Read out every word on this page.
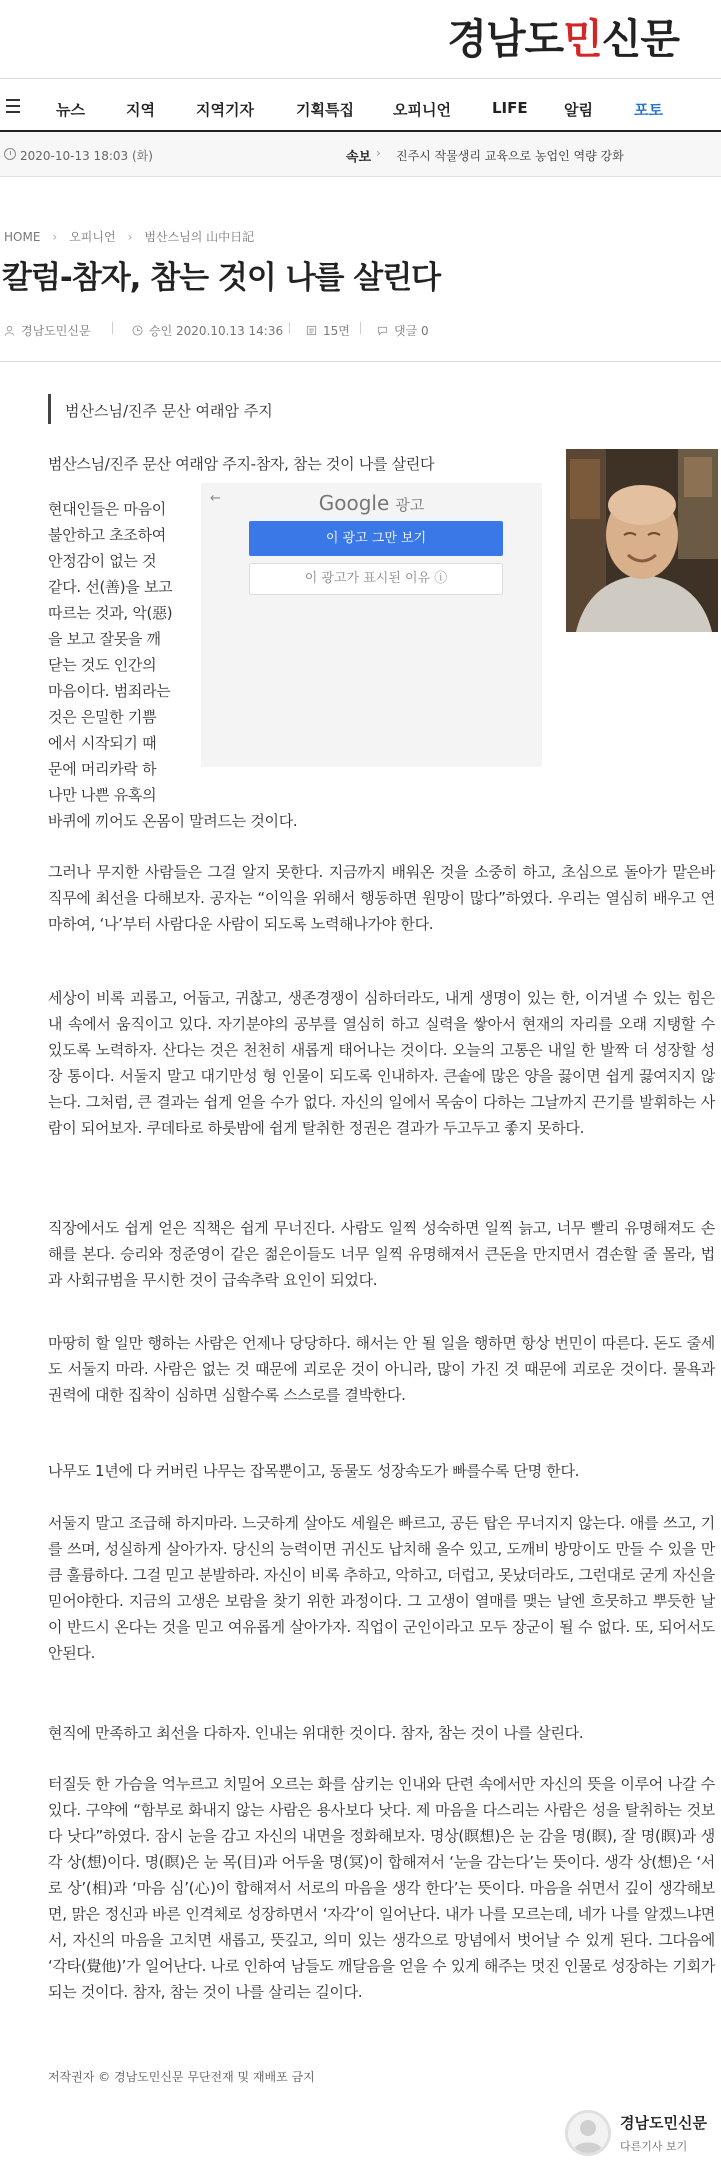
경남도민신문
뉴스	지역	지역기자	기획특집	오피니언	LIFE 알림	포토
2020-10-13 18:03 (화)	속보 › 진주시 작물생리 교육으로 농업인 역량 강화
HOME › 오피니언 › 범산스님의 山中日記
칼럼-참자, 참는 것이 나를 살린다
경남도민신문	승인 2020.10.13 14:36	15면	댓글 0
범산스님/진주 문산 여래암 주지
범산스님/진주 문산 여래암 주지-참자, 참는 것이 나를 살린다
←	Google 광고
이 광고 그만 보기
이 광고가 표시된 이유 ⓘ
현대인들은 마음이
불안하고 초조하여
안정감이 없는 것
같다. 선(善)을 보고
따르는 것과, 악(惡)
을 보고 잘못을 깨
닫는 것도 인간의
마음이다. 범죄라는
것은 은밀한 기쁨
에서 시작되기 때
문에 머리카락 하
나만 나쁜 유혹의
바퀴에 끼어도 온몸이 말려드는 것이다.
그러나 무지한 사람들은 그걸 알지 못한다. 지금까지 배워온 것을 소중히 하고, 초심으로 돌아가 맡은바 직무에 최선을 다해보자. 공자는 “이익을 위해서 행동하면 원망이 많다”하였다. 우리는 열심히 배우고 연마하여, ‘나’부터 사람다운 사람이 되도록 노력해나가야 한다.
세상이 비록 괴롭고, 어둡고, 귀찮고, 생존경쟁이 심하더라도, 내게 생명이 있는 한, 이겨낼 수 있는 힘은 내 속에서 움직이고 있다. 자기분야의 공부를 열심히 하고 실력을 쌓아서 현재의 자리를 오래 지탱할 수 있도록 노력하자. 산다는 것은 천천히 새롭게 태어나는 것이다. 오늘의 고통은 내일 한 발짝 더 성장할 성장 통이다. 서둘지 말고 대기만성 형 인물이 되도록 인내하자. 큰솥에 많은 양을 끓이면 쉽게 끓여지지 않는다. 그처럼, 큰 결과는 쉽게 얻을 수가 없다. 자신의 일에서 목숨이 다하는 그날까지 끈기를 발휘하는 사람이 되어보자. 쿠데타로 하룻밤에 쉽게 탈취한 정권은 결과가 두고두고 좋지 못하다.
직장에서도 쉽게 얻은 직책은 쉽게 무너진다. 사람도 일찍 성숙하면 일찍 늙고, 너무 빨리 유명해져도 손해를 본다. 승리와 정준영이 같은 젊은이들도 너무 일찍 유명해져서 큰돈을 만지면서 겸손할 줄 몰라, 법과 사회규범을 무시한 것이 급속추락 요인이 되었다.
마땅히 할 일만 행하는 사람은 언제나 당당하다. 해서는 안 될 일을 행하면 항상 번민이 따른다. 돈도 줄세도 서둘지 마라. 사람은 없는 것 때문에 괴로운 것이 아니라, 많이 가진 것 때문에 괴로운 것이다. 물욕과 권력에 대한 집착이 심하면 심할수록 스스로를 결박한다.
나무도 1년에 다 커버린 나무는 잡목뿐이고, 동물도 성장속도가 빠를수록 단명 한다.
서둘지 말고 조급해 하지마라. 느긋하게 살아도 세월은 빠르고, 공든 탑은 무너지지 않는다. 애를 쓰고, 기를 쓰며, 성실하게 살아가자. 당신의 능력이면 귀신도 납치해 올수 있고, 도깨비 방망이도 만들 수 있을 만큼 훌륭하다. 그걸 믿고 분발하라. 자신이 비록 추하고, 악하고, 더럽고, 못났더라도, 그런대로 굳게 자신을 믿어야한다. 지금의 고생은 보람을 찾기 위한 과정이다. 그 고생이 열매를 맺는 날엔 흐뭇하고 뿌듯한 날이 반드시 온다는 것을 믿고 여유롭게 살아가자. 직업이 군인이라고 모두 장군이 될 수 없다. 또, 되어서도 안된다.
현직에 만족하고 최선을 다하자. 인내는 위대한 것이다. 참자, 참는 것이 나를 살린다.
터질듯 한 가슴을 억누르고 치밀어 오르는 화를 삼키는 인내와 단련 속에서만 자신의 뜻을 이루어 나갈 수 있다. 구약에 “함부로 화내지 않는 사람은 용사보다 낫다. 제 마음을 다스리는 사람은 성을 탈취하는 것보다 낫다”하였다. 잠시 눈을 감고 자신의 내면을 정화해보자. 명상(瞑想)은 눈 감을 명(瞑), 잘 명(瞑)과 생각 상(想)이다. 명(瞑)은 눈 목(目)과 어두울 명(冥)이 합해져서 ‘눈을 감는다’는 뜻이다. 생각 상(想)은 ‘서로 상’(相)과 ‘마음 심’(心)이 합해져서 서로의 마음을 생각 한다’는 뜻이다. 마음을 쉬면서 깊이 생각해보면, 맑은 정신과 바른 인격체로 성장하면서 ‘자각’이 일어난다. 내가 나를 모르는데, 네가 나를 알겠느냐면서, 자신의 마음을 고치면 새롭고, 뜻깊고, 의미 있는 생각으로 망념에서 벗어날 수 있게 된다. 그다음에 ‘각타(覺他)’가 일어난다. 나로 인하여 남들도 깨달음을 얻을 수 있게 해주는 멋진 인물로 성장하는 기회가 되는 것이다. 참자, 참는 것이 나를 살리는 길이다.
저작권자 © 경남도민신문 무단전재 및 재배포 금지
경남도민신문
다른기사 보기
